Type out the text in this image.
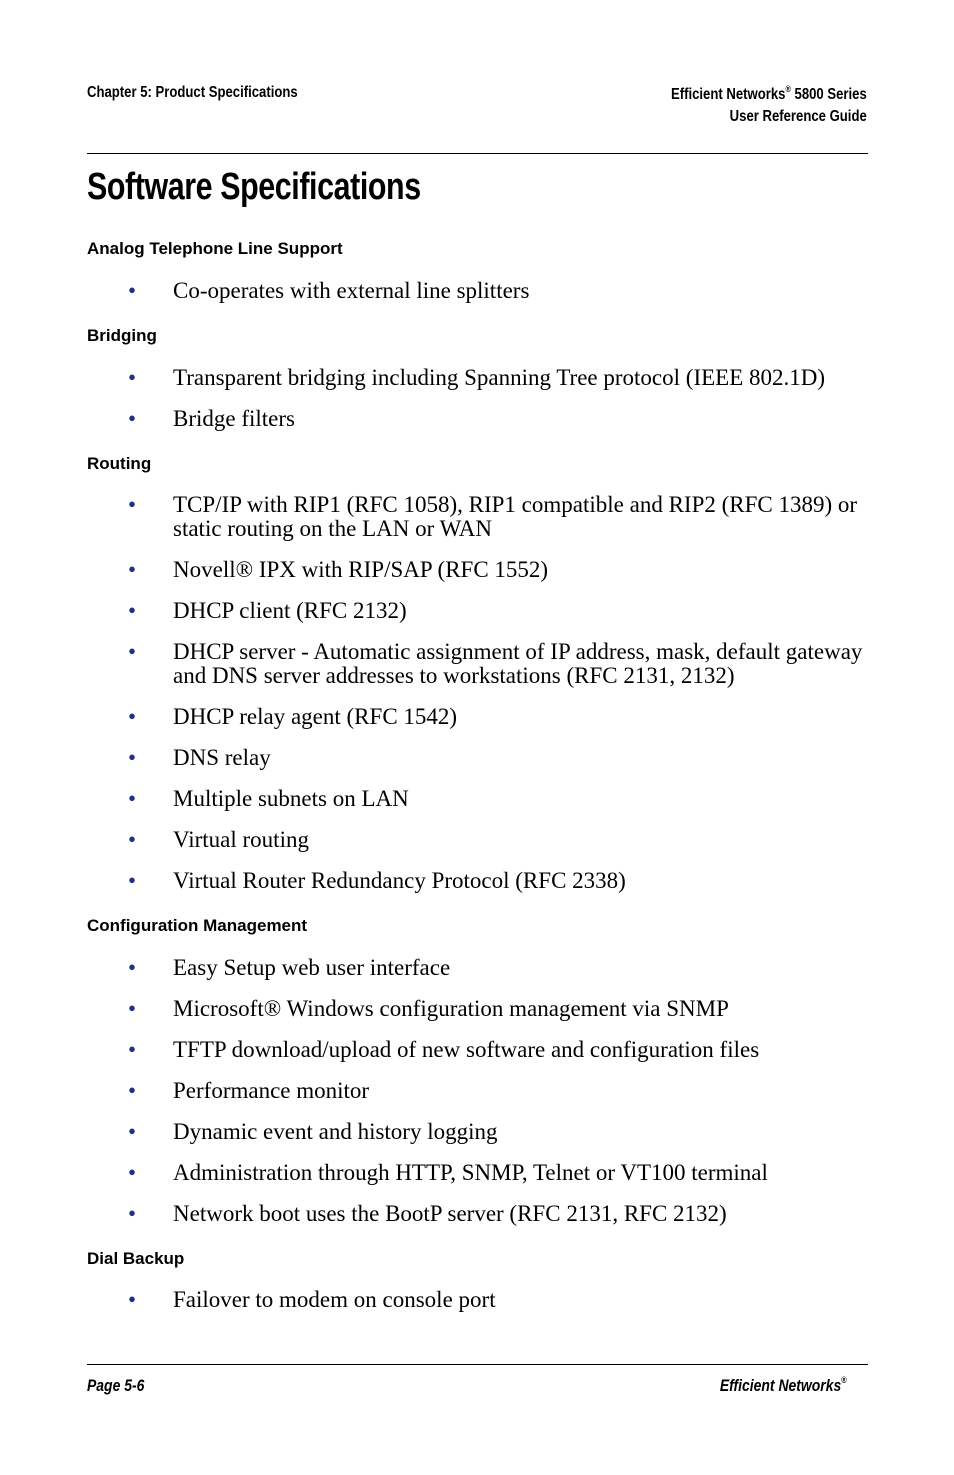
Chapter 5: Product Specifications	Efficient Networks® 5800 Series
User Reference Guide
Software Specifications
Analog Telephone Line Support
• Co-operates with external line splitters
Bridging
• Transparent bridging including Spanning Tree protocol (IEEE 802.1D)
• Bridge filters
Routing
• TCP/IP with RIP1 (RFC 1058), RIP1 compatible and RIP2 (RFC 1389) or static routing on the LAN or WAN
• Novell® IPX with RIP/SAP (RFC 1552)
• DHCP client (RFC 2132)
• DHCP server - Automatic assignment of IP address, mask, default gateway and DNS server addresses to workstations (RFC 2131, 2132)
• DHCP relay agent (RFC 1542)
• DNS relay
• Multiple subnets on LAN
• Virtual routing
• Virtual Router Redundancy Protocol (RFC 2338)
Configuration Management
• Easy Setup web user interface
• Microsoft® Windows configuration management via SNMP
• TFTP download/upload of new software and configuration files
• Performance monitor
• Dynamic event and history logging
• Administration through HTTP, SNMP, Telnet or VT100 terminal
• Network boot uses the BootP server (RFC 2131, RFC 2132)
Dial Backup
• Failover to modem on console port
Page 5-6	Efficient Networks®
